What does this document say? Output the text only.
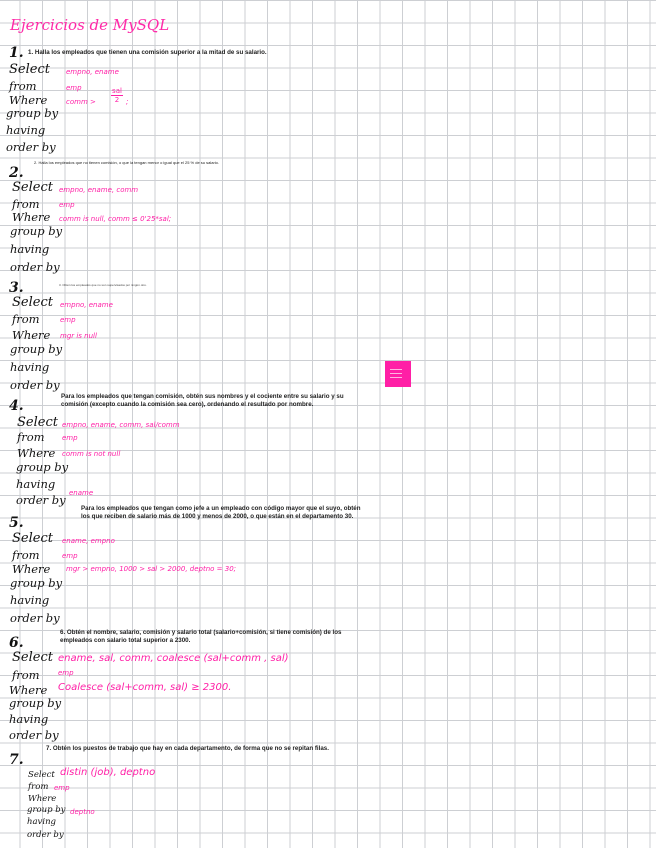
Ejercicios de MySQL
1. 1. Halla los empleados que tienen una comisión superior a la mitad de su salario.
Select empno, ename
from	emp
Where	comm >
sal
2 ;
group by
having
order by
2.
2. Halla los empleados que no tienen comisión, o que la tengan menor o igual que el 25 % de su salario.
Select empno, ename, comm
from	emp
Where comm is null, comm ≤ 0'25*sal;
group by
having
order by
3.	3. Obtén los empleados que no son supervisados por ningún otro.
Select empno, ename
from	emp
Where mgr is null
group by
having
order by
4.
Para los empleados que tengan comisión, obtén sus nombres y el cociente entre su salario y su comisión (excepto cuando la comisión sea cero), ordenando el resultado por nombre.
Select empno, ename, comm, sal/comm
from emp
Where comm is not null
group by
having
order by ename
5.
Para los empleados que tengan como jefe a un empleado con código mayor que el suyo, obtén los que reciben de salario más de 1000 y menos de 2000, o que están en el departamento 30.
Select ename, empno
from	emp
Where mgr > empno, 1000 > sal > 2000, deptno = 30;
group by
having
order by
6.
6. Obtén el nombre, salario, comisión y salario total (salario+comisión, si tiene comisión) de los empleados con salario total superior a 2300.
Select ename, sal, comm, coalesce (sal+comm , sal)
from	emp
Where Coalesce (sal+comm, sal) ≥ 2300.
group by
having
order by
7.
7. Obtén los puestos de trabajo que hay en cada departamento, de forma que no se repitan filas.
Select distin (job), deptno
from emp
Where
group by deptno
having
order by
